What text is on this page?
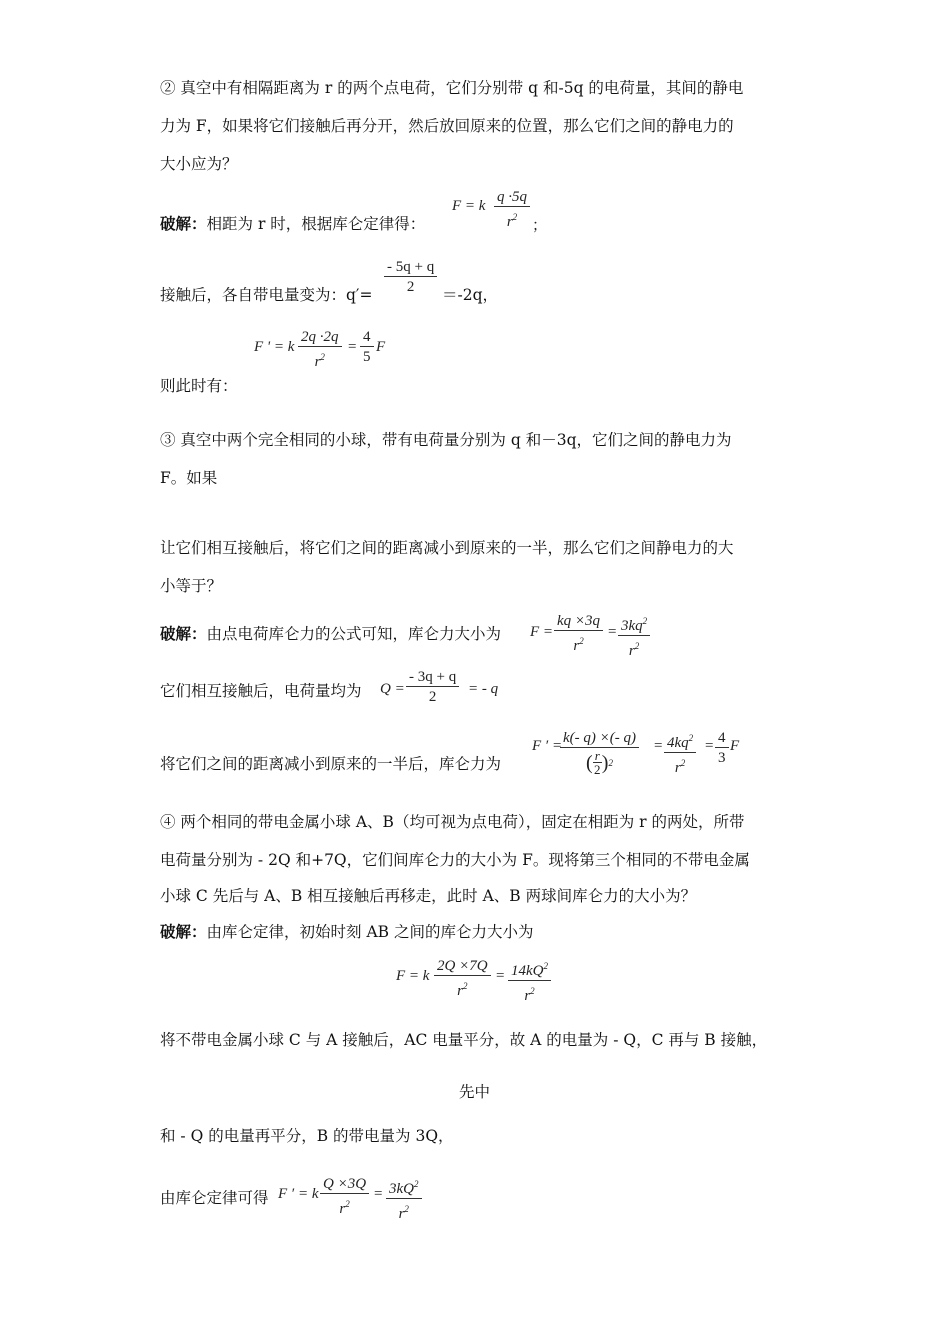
② 真空中有相隔距离为 r 的两个点电荷，它们分别带 q 和-5q 的电荷量，其间的静电
力为 F，如果将它们接触后再分开，然后放回原来的位置，那么它们之间的静电力的
大小应为？
破解：相距为 r 时，根据库仑定律得：
F = k $\frac{q \cdot 5q}{r^2}$ ；
接触后，各自带电量变为：$q'= \frac{- 5q + q}{2} =-2q$，
F ' = k $\frac{2q \cdot 2q}{r^2} = \frac{4}{5}$ F
则此时有：
③ 真空中两个完全相同的小球，带有电荷量分别为 q 和－3q，它们之间的静电力为
F。如果
让它们相互接触后，将它们之间的距离减小到原来的一半，那么它们之间静电力的大
小等于？
破解：由点电荷库仑力的公式可知，库仑力大小为 $F = \frac{kq \times 3q}{r^2} = \frac{3kq^2}{r^2}$
它们相互接触后，电荷量均为 $Q = \frac{- 3q + q}{2}$ = - q
将它们之间的距离减小到原来的一半后，库仑力为
F ′ =
k(- q) ×(- q)
( r
2 ) $2 = \frac{4kq^2}{r^2} = \frac{4}{3}$ F
④ 两个相同的带电金属小球 A、B（均可视为点电荷），固定在相距为 r 的两处，所带
电荷量分别为 - 2Q 和+7Q，它们间库仑力的大小为 F。现将第三个相同的不带电金属
小球 C 先后与 A、B 相互接触后再移走，此时 A、B 两球间库仑力的大小为？
破解：由库仑定律，初始时刻 AB 之间的库仑力大小为
F = k $\frac{2Q \times 7Q}{r^2} = \frac{14kQ^2}{r^2}$
将不带电金属小球 C 与 A 接触后，AC 电量平分，故 A 的电量为 - Q，C 再与 B 接触，
先中
和 - Q 的电量再平分，B 的带电量为 3Q，
由库仑定律可得 F ′ = k $\frac{Q \times 3Q}{r^2} = \frac{3kQ^2}{r^2}$
